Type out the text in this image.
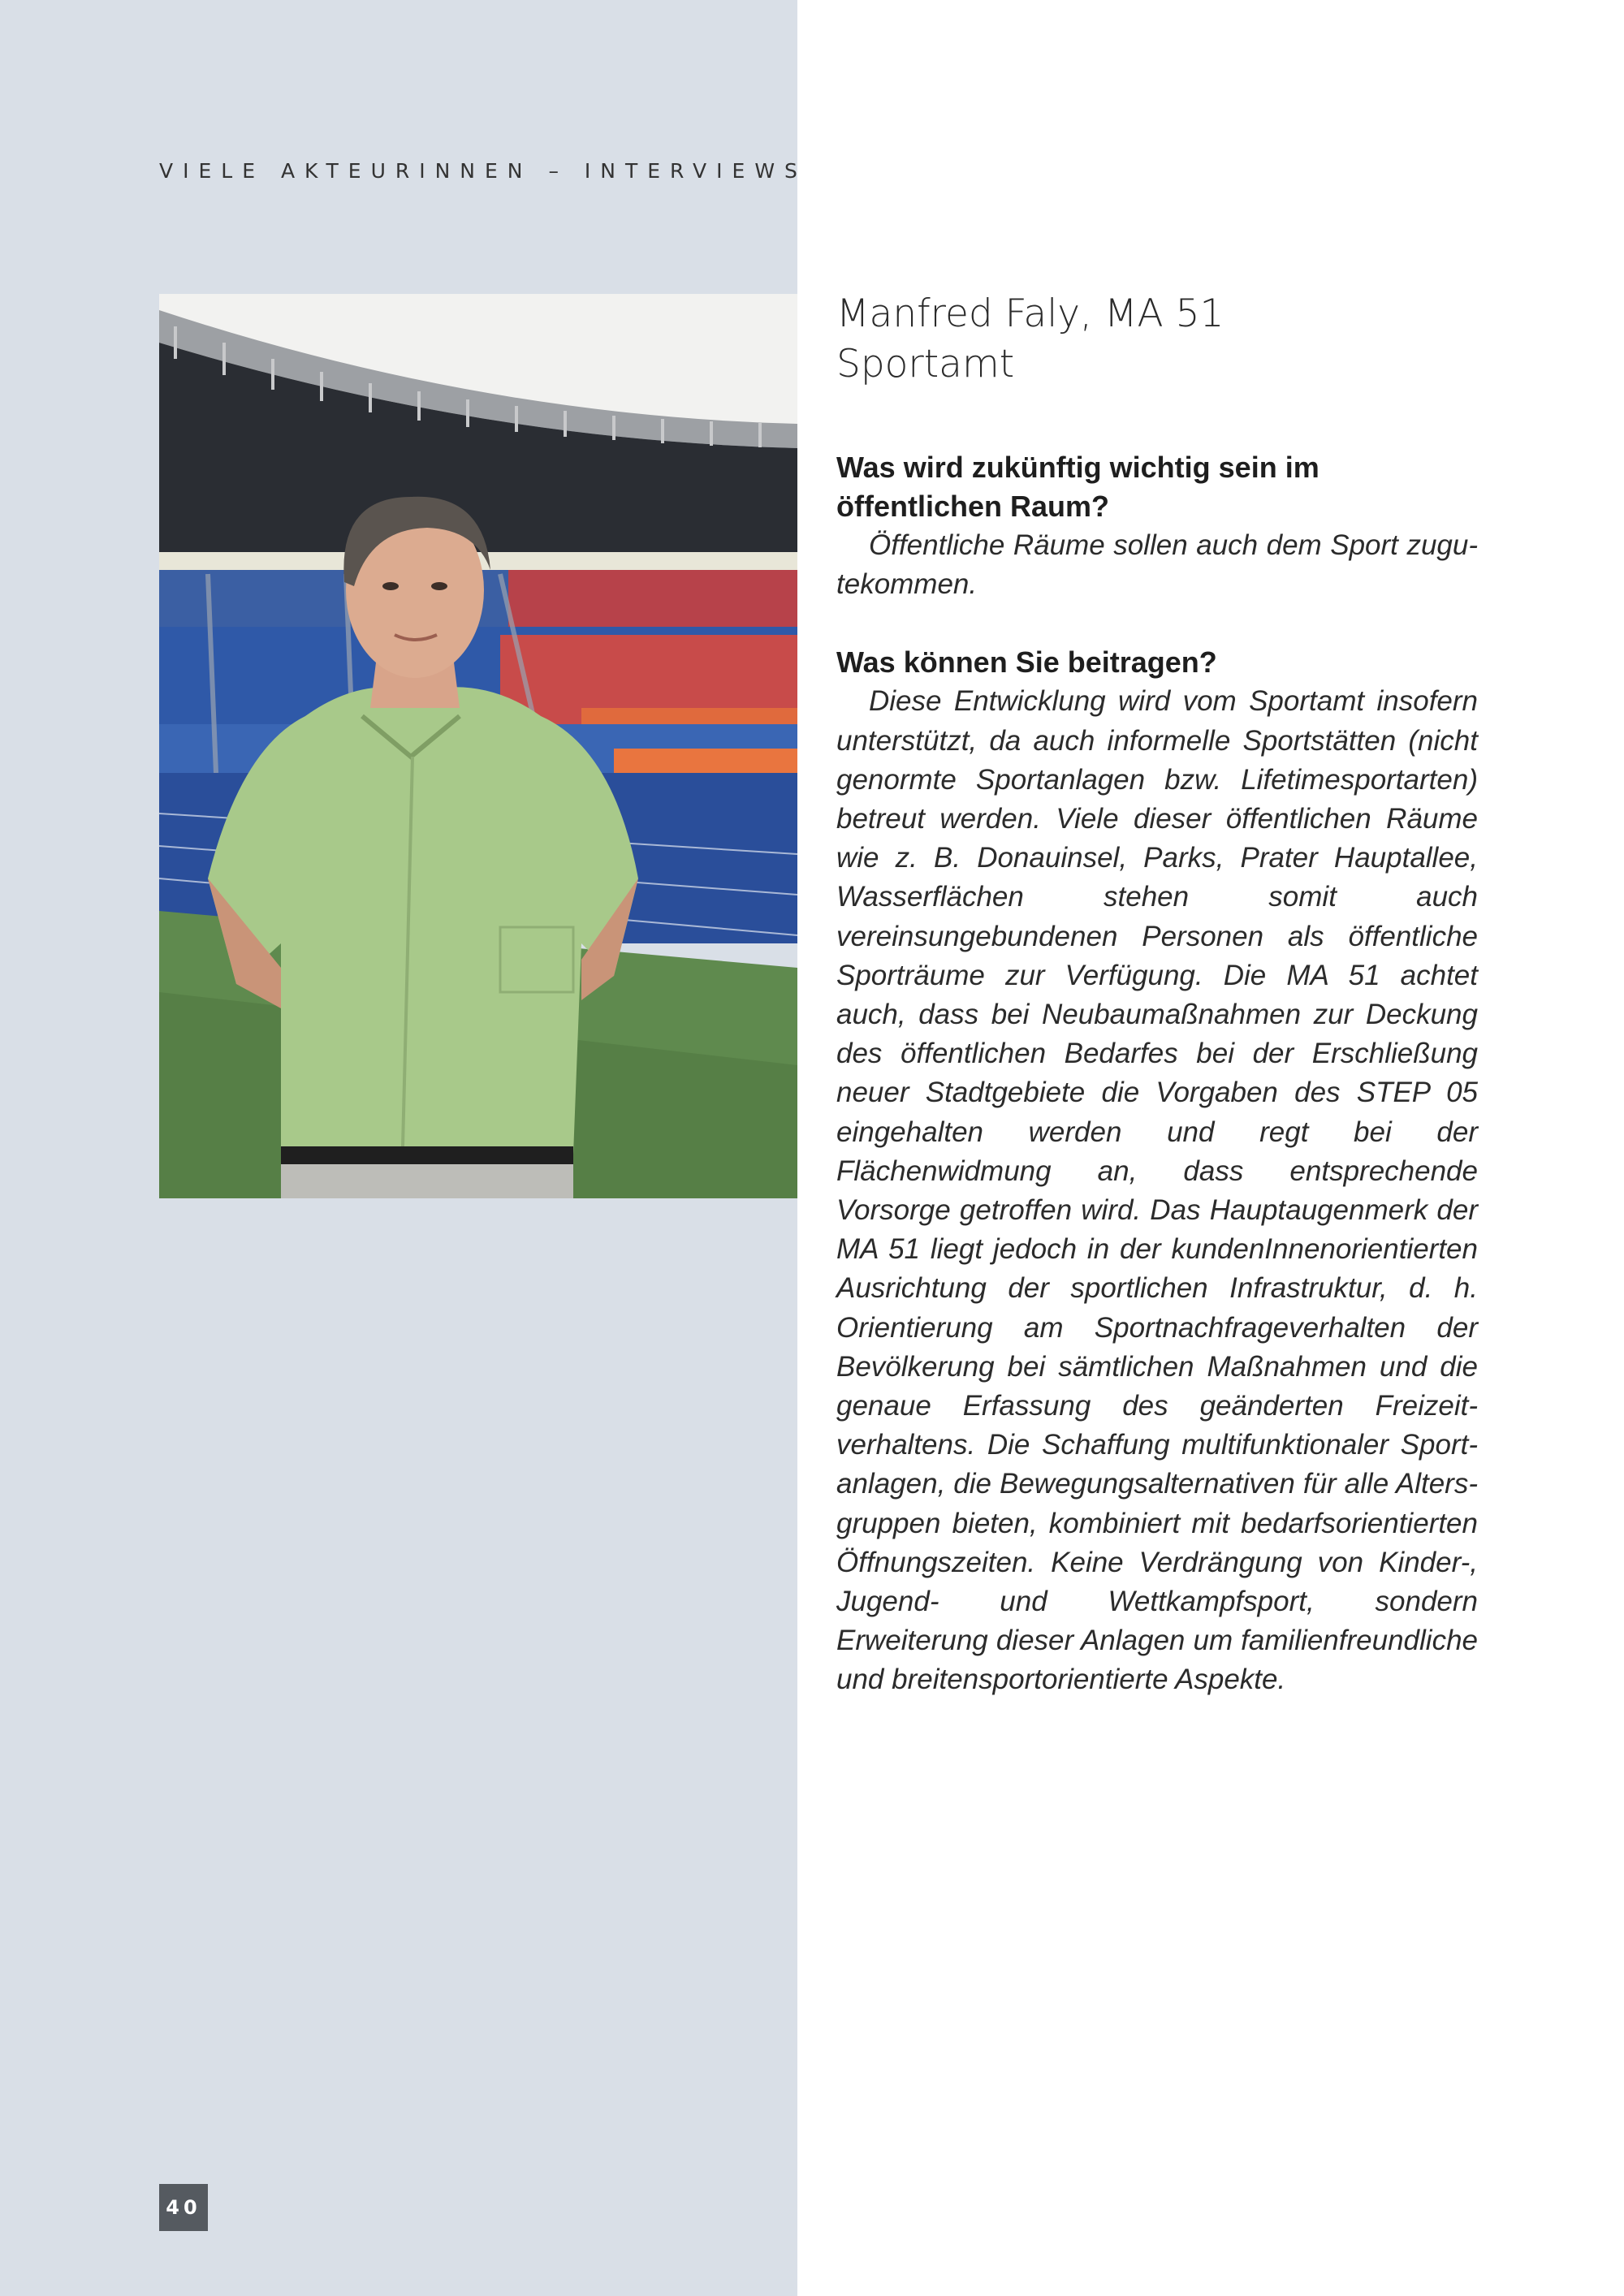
VIELE AKTEURINNEN – INTERVIEWS
Manfred Faly, MA 51
Sportamt

Was wird zukünftig wichtig sein im öffentlichen Raum?

Öffentliche Räume sollen auch dem Sport zugutekommen.

Was können Sie beitragen?

Diese Entwicklung wird vom Sportamt insofern unterstützt, da auch informelle Sportstätten (nicht genormte Sportanlagen bzw. Lifetimesportarten) betreut werden. Viele dieser öffentlichen Räume wie z. B. Donauinsel, Parks, Prater Hauptallee, Wasserflächen stehen somit auch vereinsungebundenen Personen als öffentliche Sporträume zur Verfügung. Die MA 51 achtet auch, dass bei Neubaumaßnahmen zur Deckung des öffentlichen Bedarfes bei der Erschließung neuer Stadtgebiete die Vorgaben des STEP 05 eingehalten werden und regt bei der Flächenwidmung an, dass entsprechende Vorsorge getroffen wird. Das Hauptaugenmerk der MA 51 liegt jedoch in der kundenInnenorientierten Ausrichtung der sportlichen Infrastruktur, d. h. Orientierung am Sportnachfrageverhalten der Bevölkerung bei sämtlichen Maßnahmen und die genaue Erfassung des geänderten Freizeitverhaltens. Die Schaffung multifunktionaler Sportanlagen, die Bewegungsalternativen für alle Altersgruppen bieten, kombiniert mit bedarfsorientierten Öffnungszeiten. Keine Verdrängung von Kinder-, Jugend- und Wettkampfsport, sondern Erweiterung dieser Anlagen um familienfreundliche und breitensportorientierte Aspekte.

40
